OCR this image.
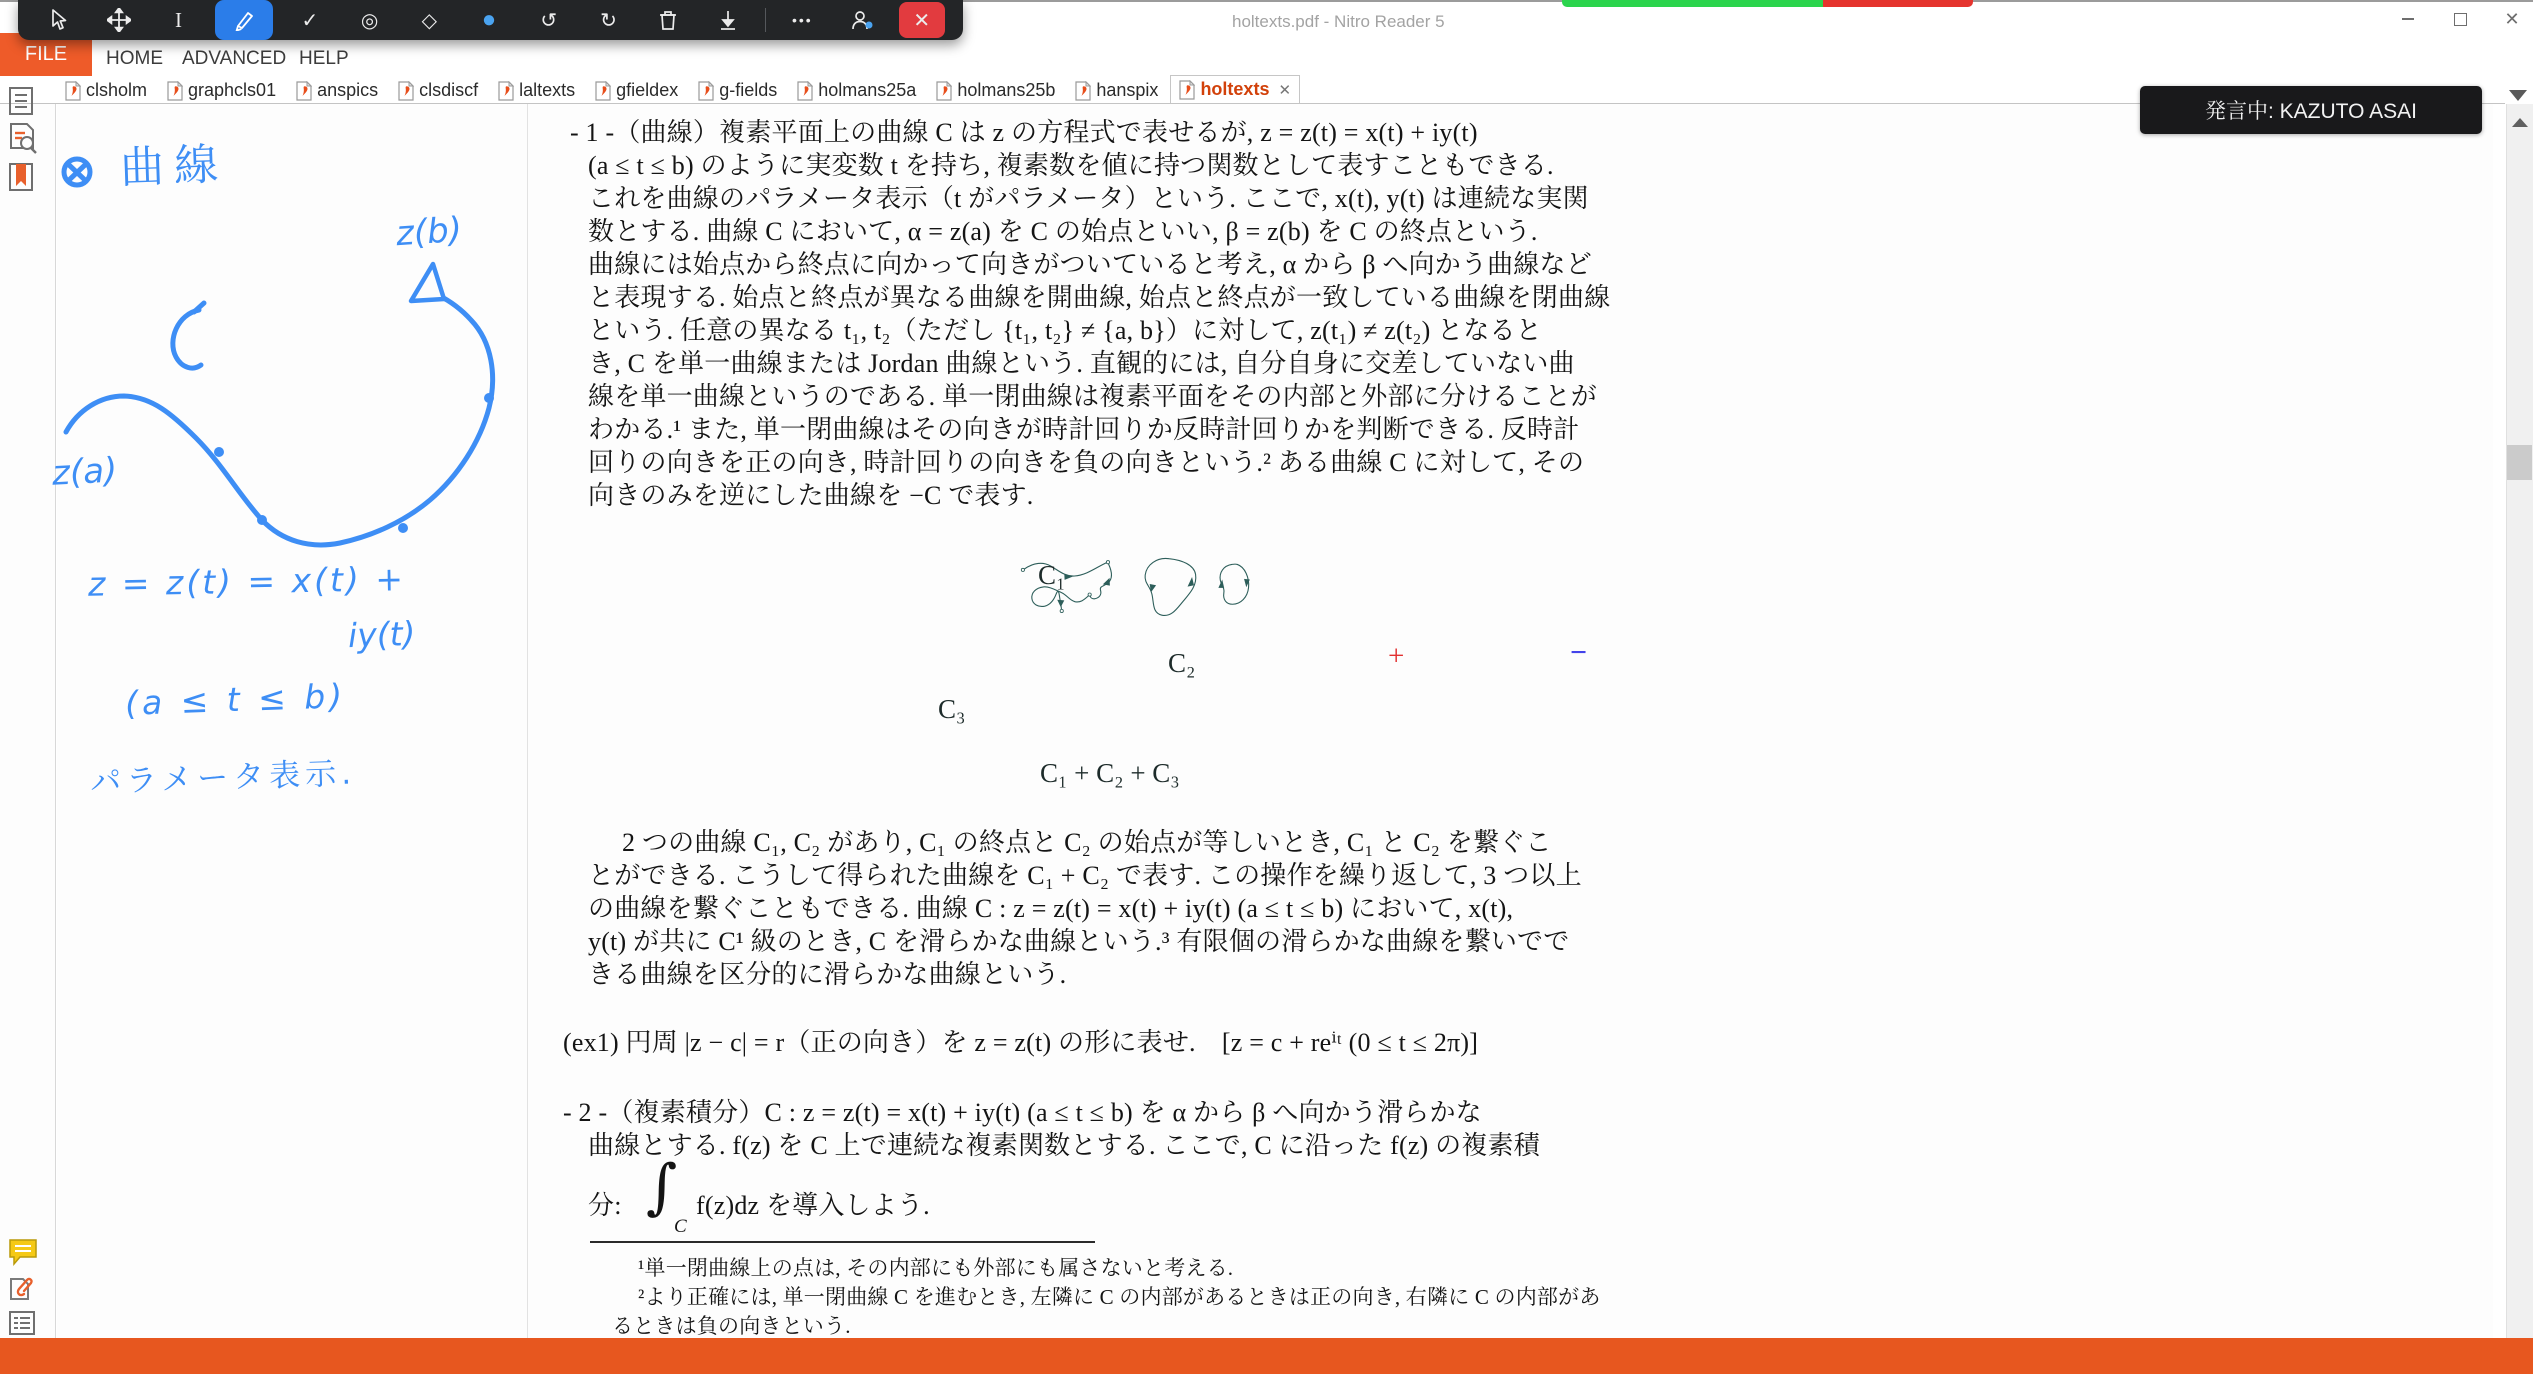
holtexts.pdf - Nitro Reader 5	✕
I	✓	◎	◇	●	↺	↻	•••	✕
FILE	HOME ADVANCED HELP
clsholm graphcls01 anspics clsdiscf laltexts gfieldex g-fields holmans25a holmans25b hanspix holtexts ✕
- 1 -（曲線）複素平面上の曲線 C は z の方程式で表せるが, z = z(t) = x(t) + iy(t)
(a ≤ t ≤ b) のように実変数 t を持ち, 複素数を値に持つ関数として表すこともできる.
これを曲線のパラメータ表示（t がパラメータ）という. ここで, x(t), y(t) は連続な実関
数とする. 曲線 C において, α = z(a) を C の始点といい, β = z(b) を C の終点という.
曲線には始点から終点に向かって向きがついていると考え, α から β へ向かう曲線など
と表現する. 始点と終点が異なる曲線を開曲線, 始点と終点が一致している曲線を閉曲線
という. 任意の異なる t₁, t₂（ただし {t₁, t₂} ≠ {a, b}）に対して, z(t₁) ≠ z(t₂) となると
き, C を単一曲線または Jordan 曲線という. 直観的には, 自分自身に交差していない曲
線を単一曲線というのである. 単一閉曲線は複素平面をその内部と外部に分けることが
わかる.¹ また, 単一閉曲線はその向きが時計回りか反時計回りかを判断できる. 反時計
回りの向きを正の向き, 時計回りの向きを負の向きという.² ある曲線 C に対して, その
向きのみを逆にした曲線を −C で表す.
C₁
C₂
C₃
C₁ + C₂ + C₃
+	−
2 つの曲線 C₁, C₂ があり, C₁ の終点と C₂ の始点が等しいとき, C₁ と C₂ を繋ぐこ
とができる. こうして得られた曲線を C₁ + C₂ で表す. この操作を繰り返して, 3 つ以上
の曲線を繋ぐこともできる. 曲線 C : z = z(t) = x(t) + iy(t) (a ≤ t ≤ b) において, x(t),
y(t) が共に C¹ 級のとき, C を滑らかな曲線という.³ 有限個の滑らかな曲線を繋いでで
きる曲線を区分的に滑らかな曲線という.
(ex1) 円周 |z − c| = r（正の向き）を z = z(t) の形に表せ.　[z = c + reⁱᵗ (0 ≤ t ≤ 2π)]
- 2 -（複素積分）C : z = z(t) = x(t) + iy(t) (a ≤ t ≤ b) を α から β へ向かう滑らかな
曲線とする. f(z) を C 上で連続な複素関数とする. ここで, C に沿った f(z) の複素積
分: ∫
C
f(z)dz を導入しよう.
¹単一閉曲線上の点は, その内部にも外部にも属さないと考える.
²より正確には, 単一閉曲線 C を進むとき, 左隣に C の内部があるときは正の向き, 右隣に C の内部があ
るときは負の向きという.
曲線
z(b)
z(a)
z = z(t) = x(t) +
iy(t)
(a ≤ t ≤ b)
パラメータ表示.
発言中: KAZUTO ASAI
